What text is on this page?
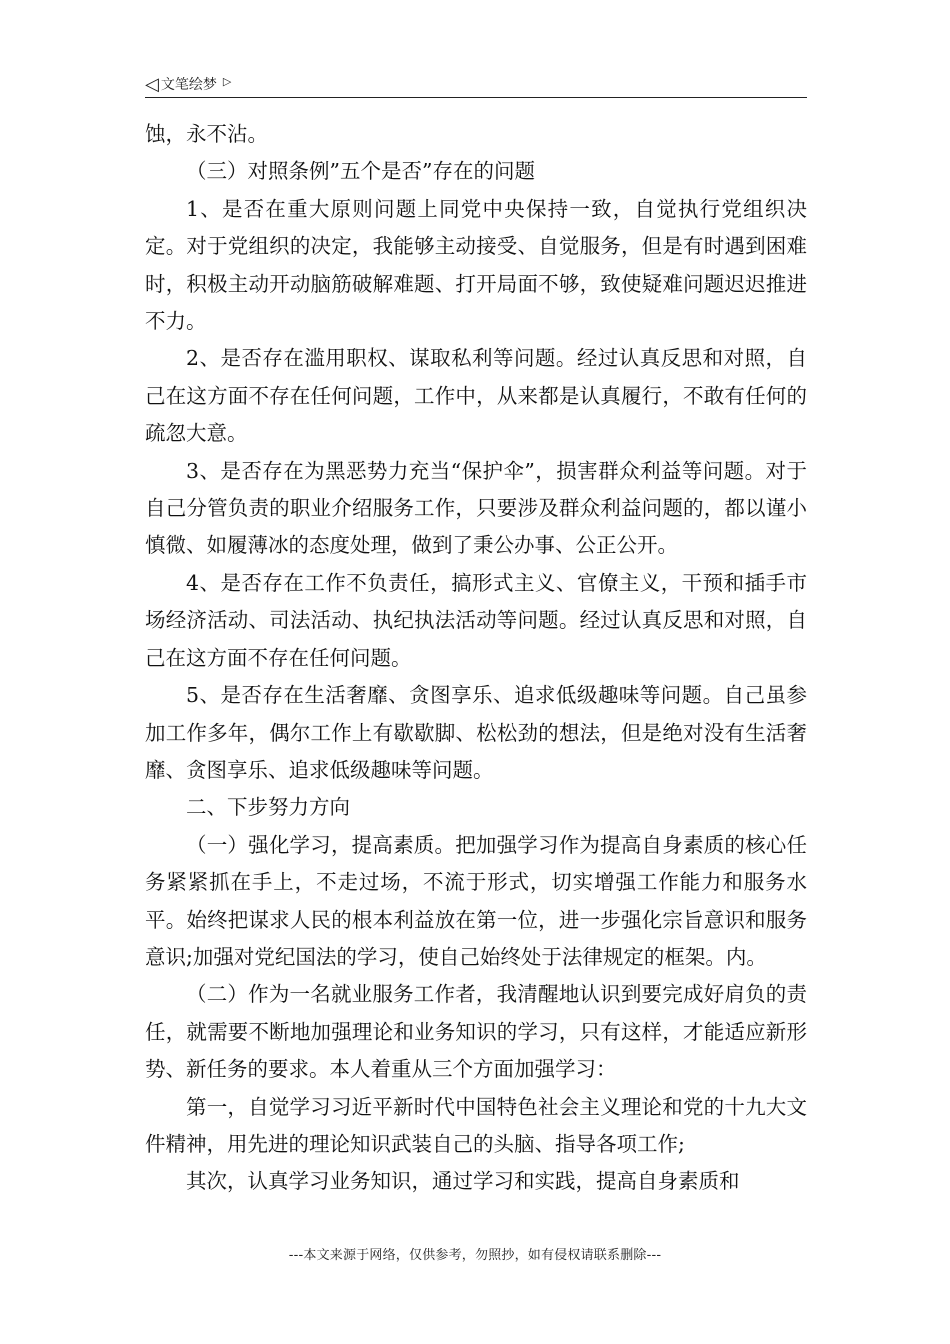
◁ 文笔绘梦 ▷

蚀，永不沾。

（三）对照条例”五个是否”存在的问题

1、是否在重大原则问题上同党中央保持一致，自觉执行党组织决定。对于党组织的决定，我能够主动接受、自觉服务，但是有时遇到困难时，积极主动开动脑筋破解难题、打开局面不够，致使疑难问题迟迟推进不力。

2、是否存在滥用职权、谋取私利等问题。经过认真反思和对照，自己在这方面不存在任何问题，工作中，从来都是认真履行，不敢有任何的疏忽大意。

3、是否存在为黑恶势力充当“保护伞”，损害群众利益等问题。对于自己分管负责的职业介绍服务工作，只要涉及群众利益问题的，都以谨小慎微、如履薄冰的态度处理，做到了秉公办事、公正公开。

4、是否存在工作不负责任，搞形式主义、官僚主义，干预和插手市场经济活动、司法活动、执纪执法活动等问题。经过认真反思和对照，自己在这方面不存在任何问题。

5、是否存在生活奢靡、贪图享乐、追求低级趣味等问题。自己虽参加工作多年，偶尔工作上有歇歇脚、松松劲的想法，但是绝对没有生活奢靡、贪图享乐、追求低级趣味等问题。

二、下步努力方向

（一）强化学习，提高素质。把加强学习作为提高自身素质的核心任务紧紧抓在手上，不走过场，不流于形式，切实增强工作能力和服务水平。始终把谋求人民的根本利益放在第一位，进一步强化宗旨意识和服务意识;加强对党纪国法的学习，使自己始终处于法律规定的框架。内。

（二）作为一名就业服务工作者，我清醒地认识到要完成好肩负的责任，就需要不断地加强理论和业务知识的学习，只有这样，才能适应新形势、新任务的要求。本人着重从三个方面加强学习：

第一，自觉学习习近平新时代中国特色社会主义理论和党的十九大文件精神，用先进的理论知识武装自己的头脑、指导各项工作;

其次，认真学习业务知识，通过学习和实践，提高自身素质和

---本文来源于网络，仅供参考，勿照抄，如有侵权请联系删除---
